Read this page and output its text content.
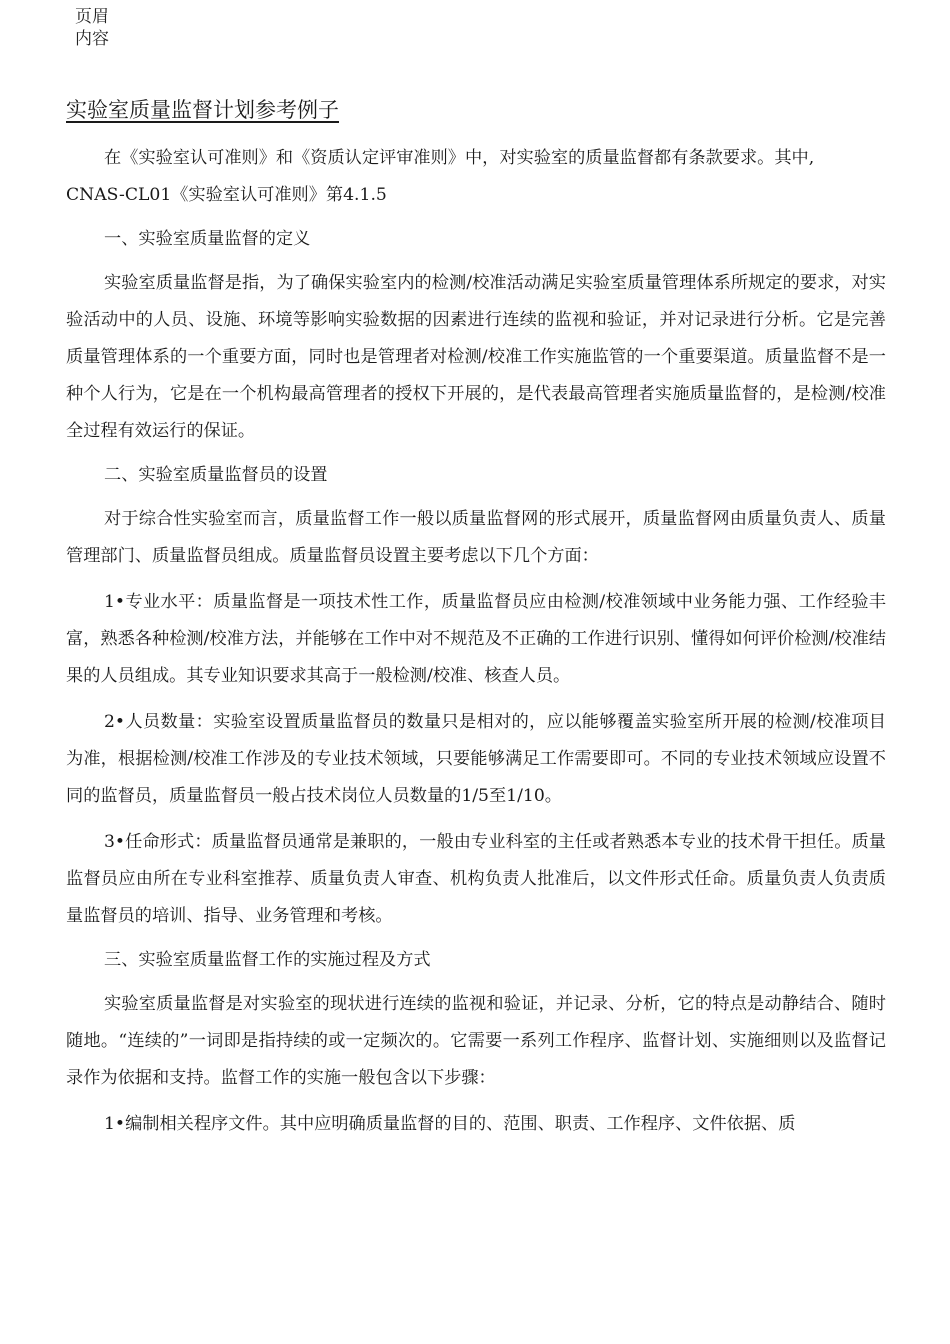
页眉
内容
实验室质量监督计划参考例子

在《实验室认可准则》和《资质认定评审准则》中，对实验室的质量监督都有条款要求。其中,

CNAS-CL01《实验室认可准则》第4.1.5

一、实验室质量监督的定义

实验室质量监督是指，为了确保实验室内的检测/校准活动满足实验室质量管理体系所规定的要求，对实验活动中的人员、设施、环境等影响实验数据的因素进行连续的监视和验证，并对记录进行分析。它是完善质量管理体系的一个重要方面，同时也是管理者对检测/校准工作实施监管的一个重要渠道。质量监督不是一种个人行为，它是在一个机构最高管理者的授权下开展的，是代表最高管理者实施质量监督的，是检测/校准全过程有效运行的保证。

二、实验室质量监督员的设置

对于综合性实验室而言，质量监督工作一般以质量监督网的形式展开，质量监督网由质量负责人、质量管理部门、质量监督员组成。质量监督员设置主要考虑以下几个方面：

1•专业水平：质量监督是一项技术性工作，质量监督员应由检测/校准领域中业务能力强、工作经验丰富，熟悉各种检测/校准方法，并能够在工作中对不规范及不正确的工作进行识别、懂得如何评价检测/校准结果的人员组成。其专业知识要求其高于一般检测/校准、核查人员。

2•人员数量：实验室设置质量监督员的数量只是相对的，应以能够覆盖实验室所开展的检测/校准项目为准，根据检测/校准工作涉及的专业技术领域，只要能够满足工作需要即可。不同的专业技术领域应设置不同的监督员，质量监督员一般占技术岗位人员数量的1/5至1/10。

3•任命形式：质量监督员通常是兼职的，一般由专业科室的主任或者熟悉本专业的技术骨干担任。质量监督员应由所在专业科室推荐、质量负责人审查、机构负责人批准后，以文件形式任命。质量负责人负责质量监督员的培训、指导、业务管理和考核。

三、实验室质量监督工作的实施过程及方式

实验室质量监督是对实验室的现状进行连续的监视和验证，并记录、分析，它的特点是动静结合、随时随地。“连续的”一词即是指持续的或一定频次的。它需要一系列工作程序、监督计划、实施细则以及监督记录作为依据和支持。监督工作的实施一般包含以下步骤：

1•编制相关程序文件。其中应明确质量监督的目的、范围、职责、工作程序、文件依据、质
